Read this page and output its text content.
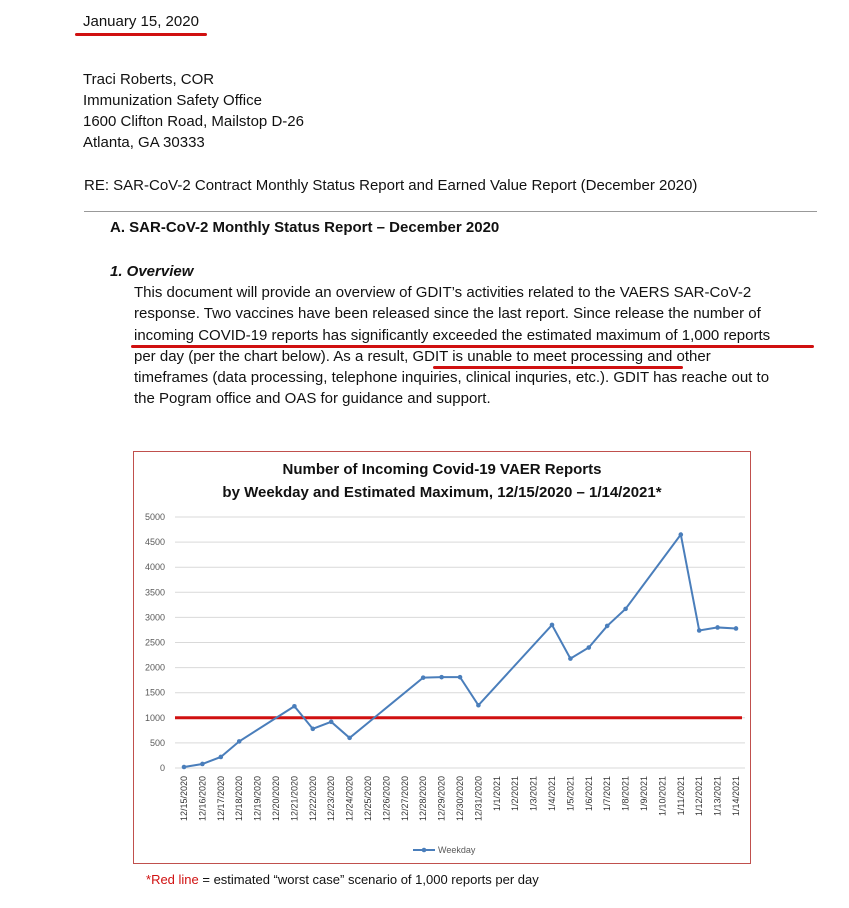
January 15, 2020
Traci Roberts, COR
Immunization Safety Office
1600 Clifton Road, Mailstop D-26
Atlanta, GA 30333
RE: SAR-CoV-2 Contract Monthly Status Report and Earned Value Report (December 2020)
A. SAR-CoV-2 Monthly Status Report – December 2020
1. Overview
This document will provide an overview of GDIT’s activities related to the VAERS SAR-CoV-2
response. Two vaccines have been released since the last report. Since release the number of
incoming COVID-19 reports has significantly exceeded the estimated maximum of 1,000 reports
per day (per the chart below). As a result, GDIT is unable to meet processing and other
timeframes (data processing, telephone inquiries, clinical inquries, etc.). GDIT has reache out to
the Pogram office and OAS for guidance and support.
Number of Incoming Covid-19 VAER Reports
by Weekday and Estimated Maximum, 12/15/2020 – 1/14/2021*
0
500
1000
1500
2000
2500
3000
3500
4000
4500
5000
12/15/2020 12/16/2020 12/17/2020 12/18/2020 12/19/2020 12/20/2020 12/21/2020 12/22/2020 12/23/2020 12/24/2020 12/25/2020 12/26/2020 12/27/2020 12/28/2020 12/29/2020 12/30/2020 12/31/2020 1/1/2021 1/2/2021 1/3/2021 1/4/2021 1/5/2021 1/6/2021 1/7/2021 1/8/2021 1/9/2021 1/10/2021 1/11/2021 1/12/2021 1/13/2021 1/14/2021
Weekday
*Red line = estimated “worst case” scenario of 1,000 reports per day
